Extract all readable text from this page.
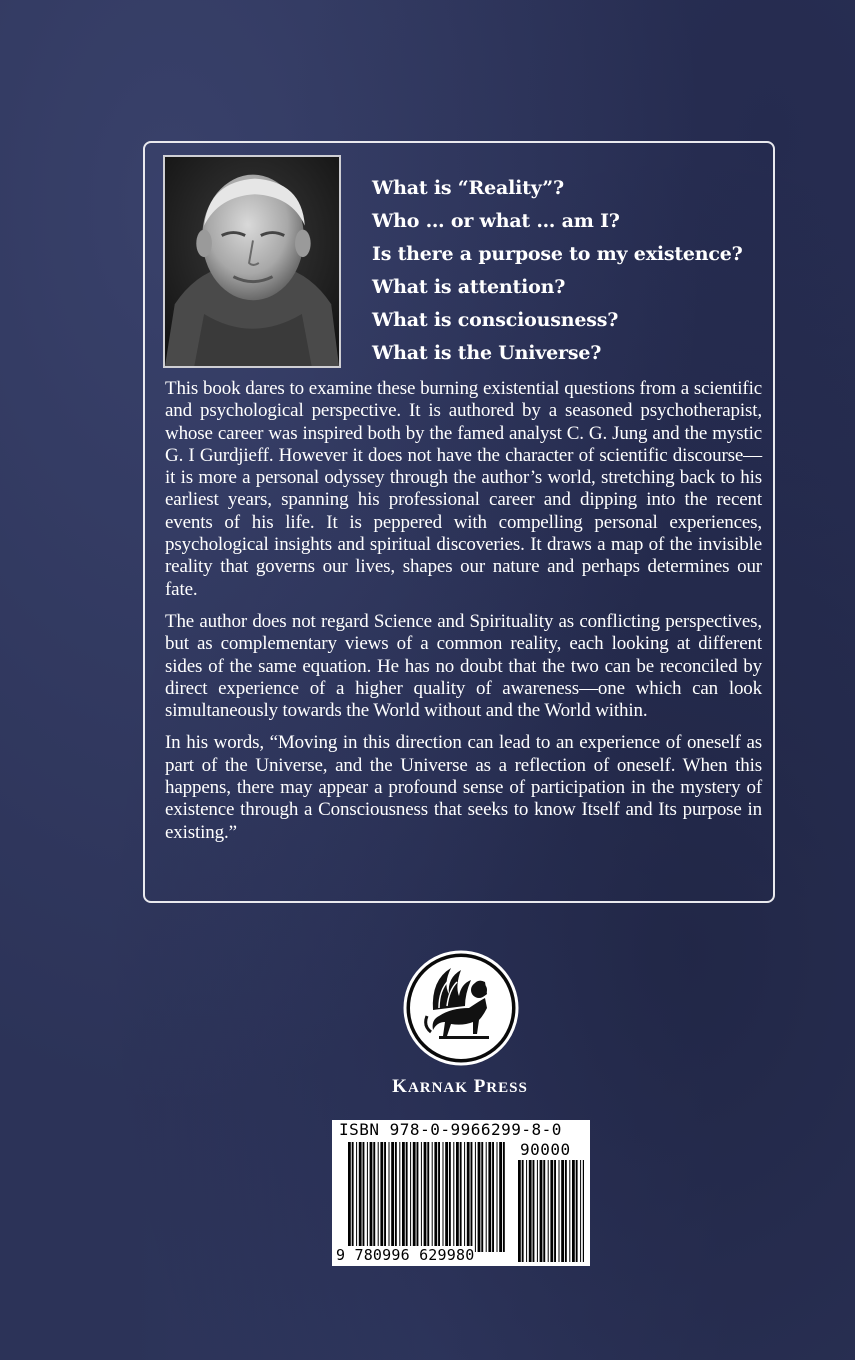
What is “Reality”?
Who … or what … am I?
Is there a purpose to my existence?
What is attention?
What is consciousness?
What is the Universe?

This book dares to examine these burning existential questions from a scientific and psychological perspective. It is authored by a seasoned psychotherapist, whose career was inspired both by the famed analyst C. G. Jung and the mystic G. I Gurdjieff. However it does not have the character of scientific discourse—it is more a personal odyssey through the author’s world, stretching back to his earliest years, spanning his professional career and dipping into the recent events of his life. It is peppered with compelling personal experiences, psychological insights and spiritual discoveries. It draws a map of the invisible reality that governs our lives, shapes our nature and perhaps determines our fate.

The author does not regard Science and Spirituality as conflicting perspectives, but as complementary views of a common reality, each looking at different sides of the same equation. He has no doubt that the two can be reconciled by direct experience of a higher quality of awareness—one which can look simultaneously towards the World without and the World within.

In his words, “Moving in this direction can lead to an experience of oneself as part of the Universe, and the Universe as a reflection of oneself. When this happens, there may appear a profound sense of participation in the mystery of existence through a Consciousness that seeks to know Itself and Its purpose in existing.”

KARNAK PRESS

ISBN 978-0-9966299-8-0
90000
9 780996 629980
